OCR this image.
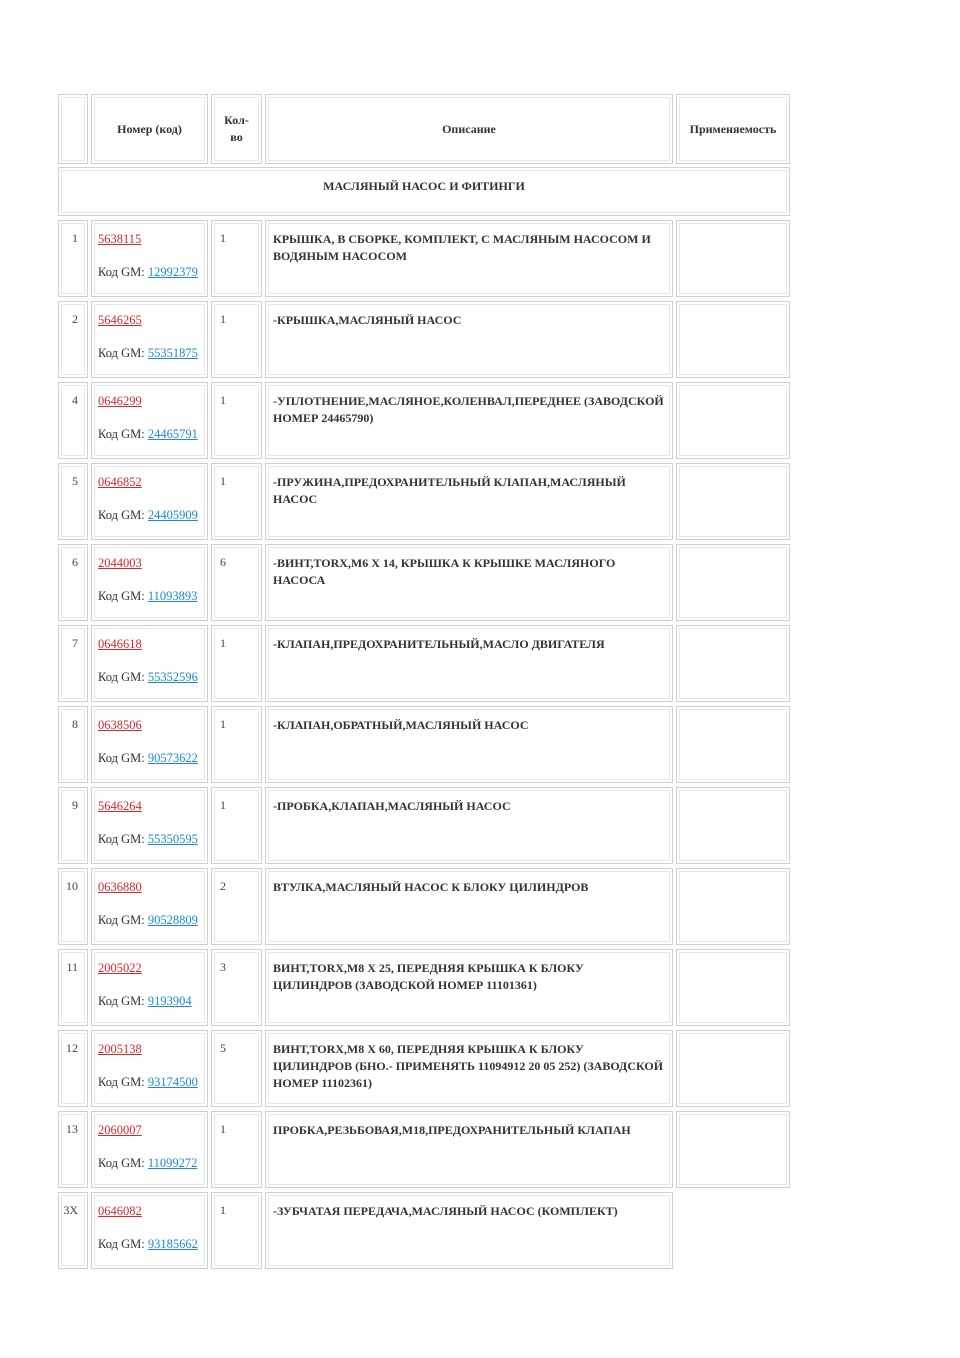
Номер (код)
Кол-
во
Описание	Применяемость
МАСЛЯНЫЙ НАСОС И ФИТИНГИ
1	5638115
Код GM: 12992379
1	КРЫШКА, В СБОРКЕ, КОМПЛЕКТ, С МАСЛЯНЫМ НАСОСОМ И ВОДЯНЫМ НАСОСОМ
2	5646265
Код GM: 55351875
1	-КРЫШКА,МАСЛЯНЫЙ НАСОС
4	0646299
Код GM: 24465791
1	-УПЛОТНЕНИЕ,МАСЛЯНОЕ,КОЛЕНВАЛ,ПЕРЕДНЕЕ (ЗАВОДСКОЙ НОМЕР 24465790)
5	0646852
Код GM: 24405909
1	-ПРУЖИНА,ПРЕДОХРАНИТЕЛЬНЫЙ КЛАПАН,МАСЛЯНЫЙ НАСОС
6	2044003
Код GM: 11093893
6	-ВИНТ,TORX,M6 X 14, КРЫШКА К КРЫШКЕ МАСЛЯНОГО НАСОСА
7	0646618
Код GM: 55352596
1	-КЛАПАН,ПРЕДОХРАНИТЕЛЬНЫЙ,МАСЛО ДВИГАТЕЛЯ
8	0638506
Код GM: 90573622
1	-КЛАПАН,ОБРАТНЫЙ,МАСЛЯНЫЙ НАСОС
9	5646264
Код GM: 55350595
1	-ПРОБКА,КЛАПАН,МАСЛЯНЫЙ НАСОС
10	0636880
Код GM: 90528809
2	ВТУЛКА,МАСЛЯНЫЙ НАСОС К БЛОКУ ЦИЛИНДРОВ
11	2005022
Код GM: 9193904
3	ВИНТ,TORX,M8 X 25, ПЕРЕДНЯЯ КРЫШКА К БЛОКУ ЦИЛИНДРОВ (ЗАВОДСКОЙ НОМЕР 11101361)
12	2005138
Код GM: 93174500
5	ВИНТ,TORX,M8 X 60, ПЕРЕДНЯЯ КРЫШКА К БЛОКУ ЦИЛИНДРОВ (БНО.- ПРИМЕНЯТЬ 11094912 20 05 252) (ЗАВОДСКОЙ НОМЕР 11102361)
13	2060007
Код GM: 11099272
1	ПРОБКА,РЕЗЬБОВАЯ,M18,ПРЕДОХРАНИТЕЛЬНЫЙ КЛАПАН
3X	0646082
Код GM: 93185662
1	-ЗУБЧАТАЯ ПЕРЕДАЧА,МАСЛЯНЫЙ НАСОС (КОМПЛЕКТ)
